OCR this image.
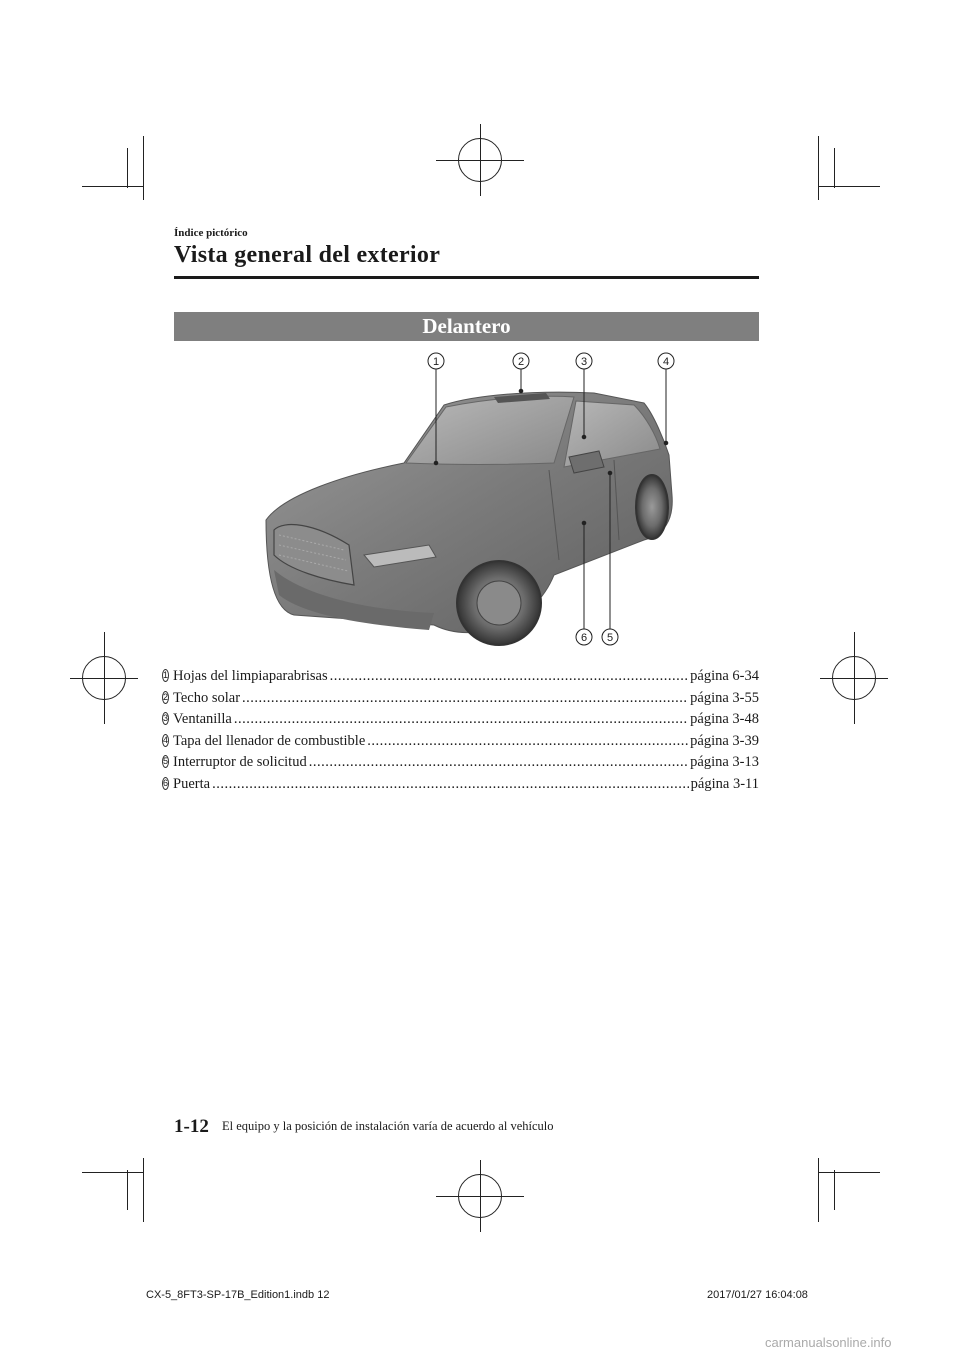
Índice pictórico
Vista general del exterior
Delantero
1	2	3	4
5
6
1 Hojas del limpiaparabrisas .....	página 6-34
2 Techo solar .....	página 3-55
3 Ventanilla .....	página 3-48
4 Tapa del llenador de combustible .....	página 3-39
5 Interruptor de solicitud .....	página 3-13
6 Puerta .....	página 3-11
1-12 El equipo y la posición de instalación varía de acuerdo al vehículo
CX-5_8FT3-SP-17B_Edition1.indb 12	2017/01/27 16:04:08
carmanualsonline.info
